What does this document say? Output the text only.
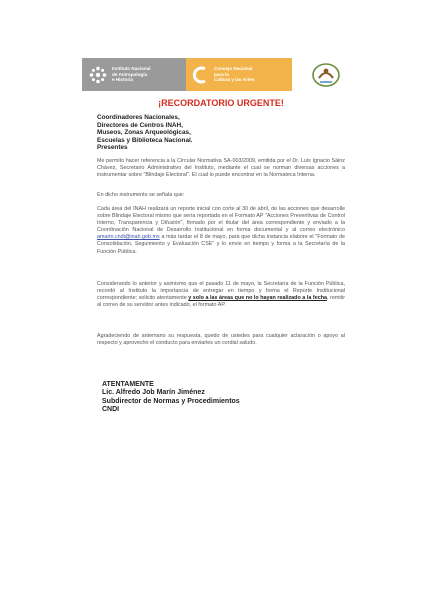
Instituto Nacional
de Antropología
e Historia
Consejo Nacional
para la
Cultura y las Artes
¡RECORDATORIO URGENTE!
Coordinadores Nacionales,
Directores de Centros INAH,
Museos, Zonas Arqueológicas,
Escuelas y Biblioteca Nacional.
Presentes
Me permito hacer referencia a la Circular Normativa SA-003/2009, emitida por el Dr. Luis Ignacio Sáinz Chávez, Secretario Administrativo del Instituto, mediante el cual se norman diversas acciones a instrumentar sobre "Blindaje Electoral". El cual lo puede encontrar en la Normateca Interna.
En dicho instrumento se señala que:
Cada área del INAH realizará un reporte inicial con corte al 30 de abril, de las acciones que desarrolle sobre Blindaje Electoral mismo que sería reportada en el Formato AP "Acciones Preventivas de Control Interno, Transparencia y Difusión", firmado por el titular del área correspondiente y enviado a la Coordinación Nacional de Desarrollo Institucional en forma documental y al correo electrónico amarin.cndi@inah.gob.mx a más tardar el 8 de mayo, para que dicha instancia elabore el "Formato de Consolidación, Seguimiento y Evaluación CSE" y lo envíe en tiempo y forma a la Secretaría de la Función Pública.
Considerando lo anterior y asimismo que el pasado 11 de mayo, la Secretaría de la Función Pública, recordó al Instituto la importancia de entregar en tiempo y forma el Reporte Institucional correspondiente; solicito atentamente y solo a las áreas que no lo hayan realizado a la fecha, remitir al correo de su servidor antes indicado, el formato AP.
Agradeciendo de antemano su respuesta, quedo de ustedes para cualquier aclaración o apoyo al respecto y aprovecho el conducto para enviarles un cordial saludo.
ATENTAMENTE
Lic. Alfredo Job Marín Jiménez
Subdirector de Normas y Procedimientos
CNDI
